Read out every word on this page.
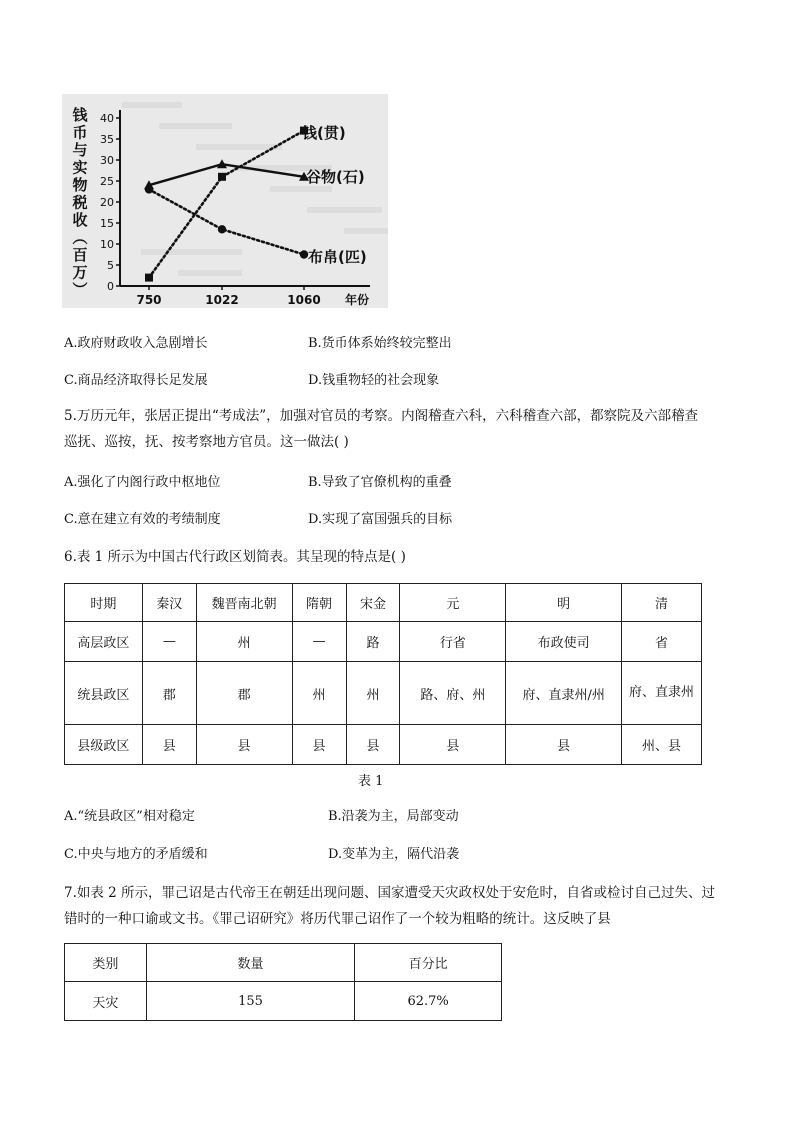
0
5
10
15
20
25
30
35
40
750	1022	1060 年份
钱
币
与
实
物
税
收
︵
百
万
︶
钱(贯)
谷物(石)
布帛(匹)
A.政府财政收入急剧增长	B.货币体系始终较完整出
C.商品经济取得长足发展	D.钱重物轻的社会现象
5.万历元年，张居正提出“考成法”，加强对官员的考察。内阁稽查六科，六科稽查六部，都察院及六部稽查
巡抚、巡按，抚、按考察地方官员。这一做法( )
A.强化了内阁行政中枢地位	B.导致了官僚机构的重叠
C.意在建立有效的考绩制度	D.实现了富国强兵的目标
6.表 1 所示为中国古代行政区划简表。其呈现的特点是( )
时期	秦汉	魏晋南北朝	隋朝	宋金	元	明	清
高层政区	—	州	—	路	行省	布政使司	省
统县政区	郡	郡	州	州	路、府、州	府、直隶州/州	府、直隶州
县级政区	县	县	县	县	县	县	州、县
表 1
A.“统县政区”相对稳定	B.沿袭为主，局部变动
C.中央与地方的矛盾缓和	D.变革为主，隔代沿袭
7.如表 2 所示，罪己诏是古代帝王在朝廷出现问题、国家遭受天灾政权处于安危时，自省或检讨自己过失、过
错时的一种口谕或文书。《罪己诏研究》将历代罪己诏作了一个较为粗略的统计。这反映了县
类别	数量	百分比
天灾	155	62.7%
